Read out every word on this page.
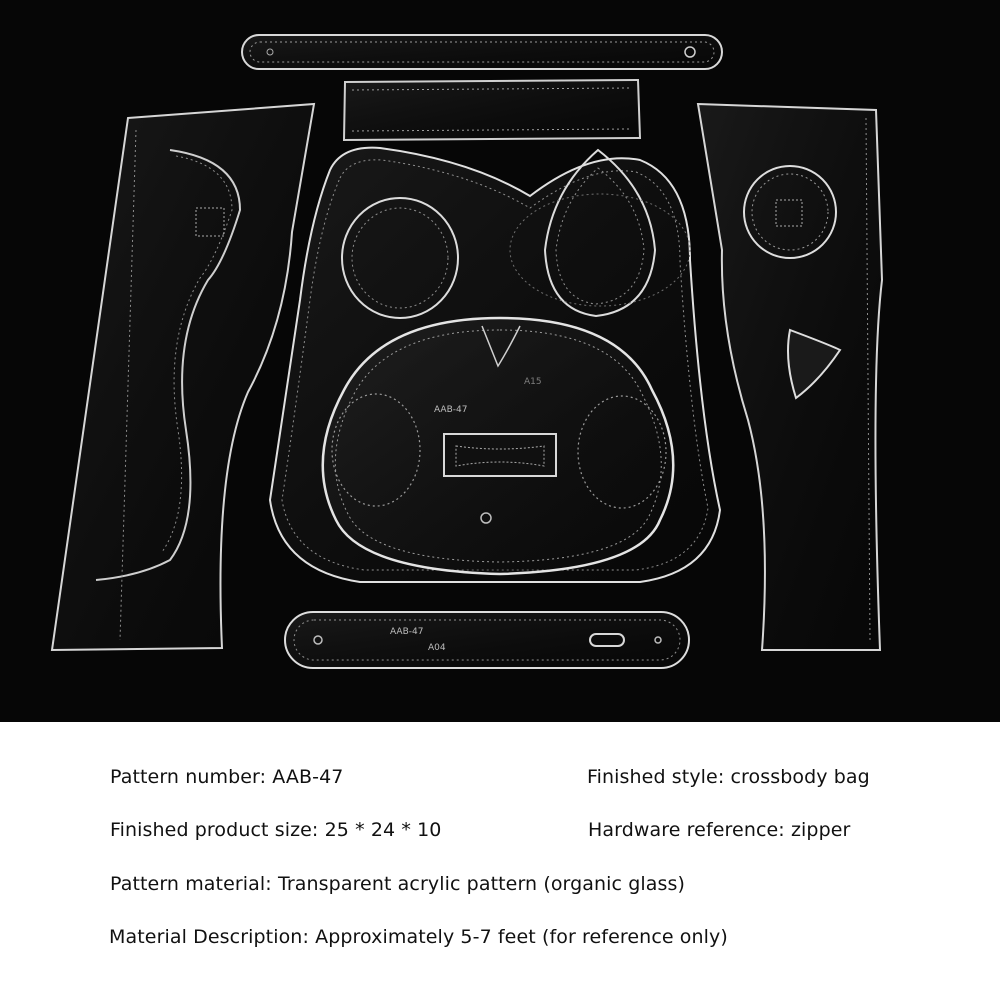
AAB-47
AAB-47
A04
Pattern number: AAB-47	Finished style: crossbody bag
Finished product size: 25 * 24 * 10	Hardware reference: zipper
Pattern material: Transparent acrylic pattern (organic glass)
Material Description: Approximately 5-7 feet (for reference only)
